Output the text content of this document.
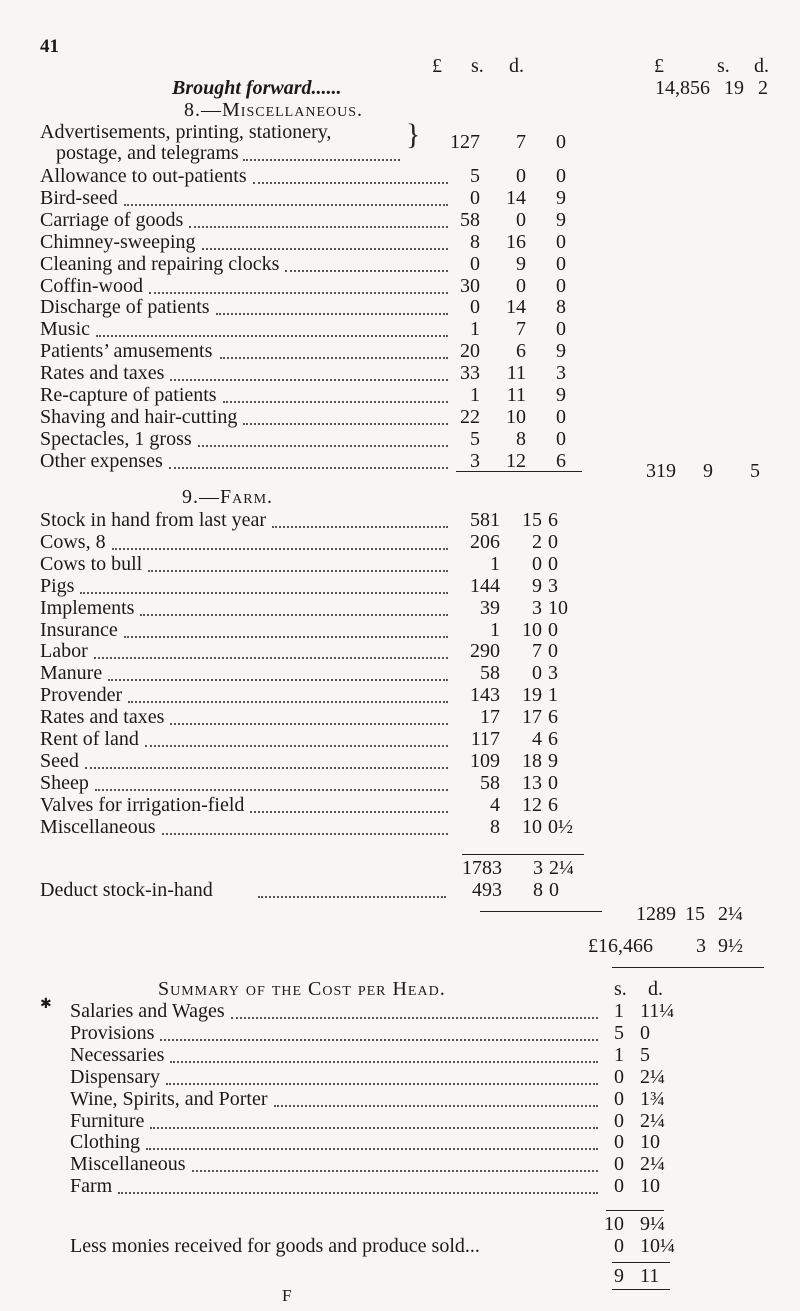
41
£ s. d.	£	s. d.
Brought forward......	14,856 19 2
8.—Miscellaneous.
Advertisements, printing, stationery,
postage, and telegrams	127	7	0
Allowance to out-patients	5	0	0
Bird-seed	0	14	9
Carriage of goods	58	0	9
Chimney-sweeping	8	16	0
Cleaning and repairing clocks	0	9	0
Coffin-wood	30	0	0
Discharge of patients	0	14	8
Music	1	7	0
Patients’ amusements	20	6	9
Rates and taxes	33	11	3
Re-capture of patients	1	11	9
Shaving and hair-cutting	22	10	0
Spectacles, 1 gross	5	8	0
Other expenses	3	12	6
}
319	9	5
9.—Farm.
Stock in hand from last year	581	15 6
Cows, 8	206	2 0
Cows to bull	1	0 0
Pigs	144	9 3
Implements	39	3 10
Insurance	1	10 0
Labor	290	7 0
Manure	58	0 3
Provender	143	19 1
Rates and taxes	17	17 6
Rent of land	117	4 6
Seed	109	18 9
Sheep	58	13 0
Valves for irrigation-field	4	12 6
Miscellaneous	8	10 0½
1783	3 2¼
Deduct stock-in-hand	493	8 0
1289 15 2¼
£16,466	3 9½
Summary of the Cost per Head.	s. d.
✱ Salaries and Wages	1 11¼
Provisions	5 0
Necessaries	1 5
Dispensary	0 2¼
Wine, Spirits, and Porter	0 1¾
Furniture	0 2¼
Clothing	0 10
Miscellaneous	0 2¼
Farm	0 10
10 9¼
Less monies received for goods and produce sold...	0 10¼
9 11
F
